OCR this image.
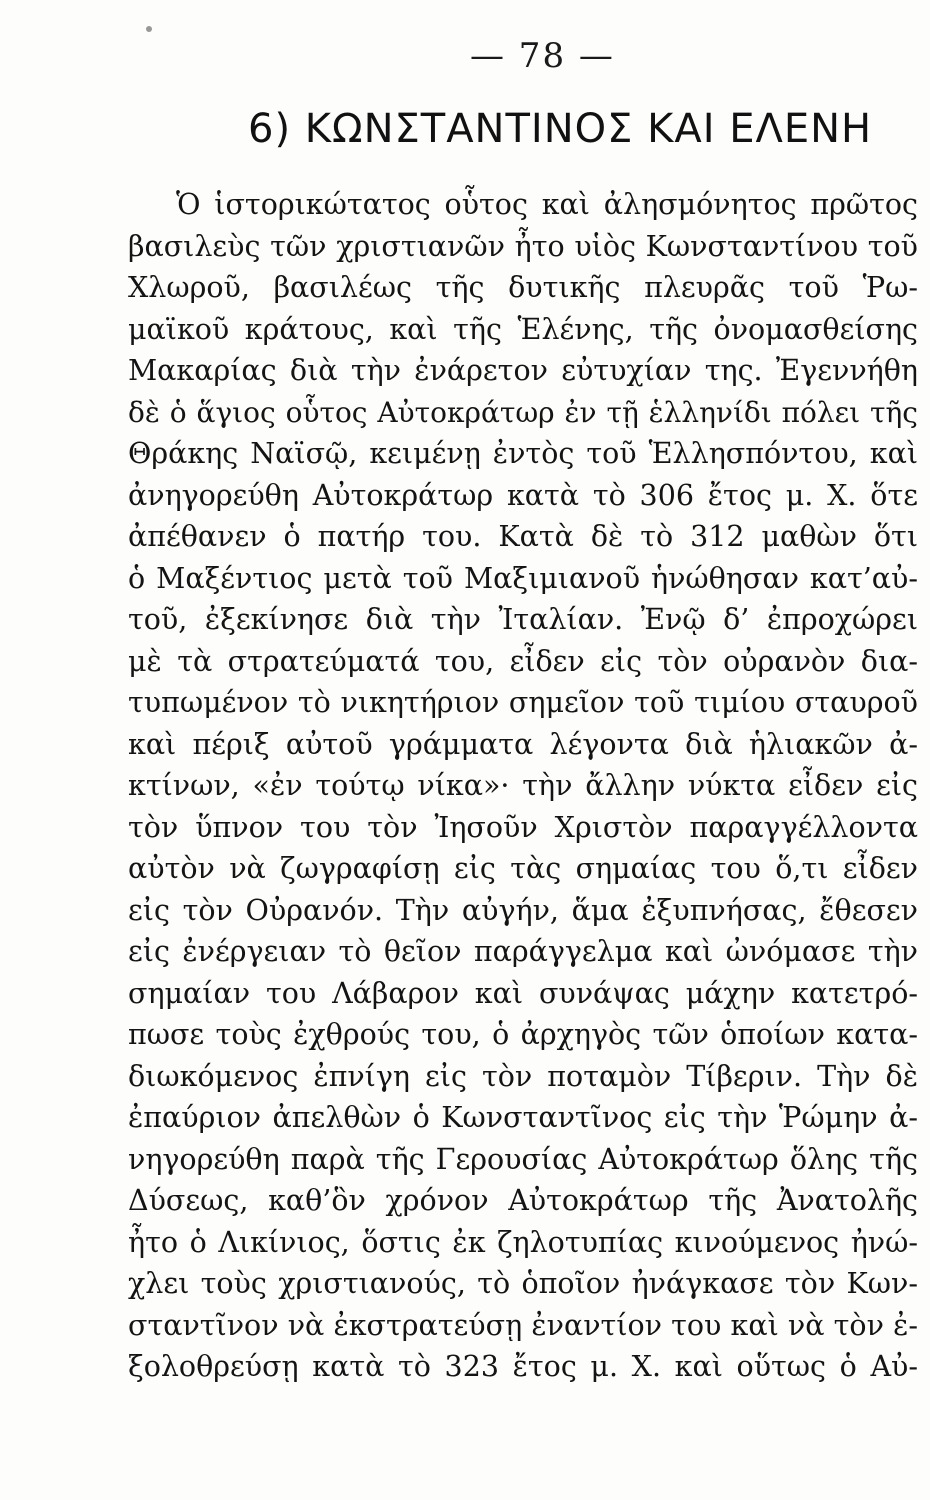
— 78 —
6) ΚΩΝΣΤΑΝΤΙΝΟΣ ΚΑΙ ΕΛΕΝΗ
Ὁ ἱστορικώτατος οὗτος καὶ ἀλησμόνητος πρῶτος
βασιλεὺς τῶν χριστιανῶν ἦτο υἱὸς Κωνσταντίνου τοῦ
Χλωροῦ, βασιλέως τῆς δυτικῆς πλευρᾶς τοῦ Ῥω-
μαϊκοῦ κράτους, καὶ τῆς Ἑλένης, τῆς ὀνομασθείσης
Μακαρίας διὰ τὴν ἐνάρετον εὐτυχίαν της. Ἐγεννήθη
δὲ ὁ ἅγιος οὗτος Αὐτοκράτωρ ἐν τῇ ἑλληνίδι πόλει τῆς
Θράκης Ναϊσῷ, κειμένῃ ἐντὸς τοῦ Ἑλλησπόντου, καὶ
ἀνηγορεύθη Αὐτοκράτωρ κατὰ τὸ 306 ἔτος μ. Χ. ὅτε
ἀπέθανεν ὁ πατήρ του. Κατὰ δὲ τὸ 312 μαθὼν ὅτι
ὁ Μαξέντιος μετὰ τοῦ Μαξιμιανοῦ ἡνώθησαν κατ’αὐ-
τοῦ, ἐξεκίνησε διὰ τὴν Ἰταλίαν. Ἐνῷ δ’ ἐπροχώρει
μὲ τὰ στρατεύματά του, εἶδεν εἰς τὸν οὐρανὸν δια-
τυπωμένον τὸ νικητήριον σημεῖον τοῦ τιμίου σταυροῦ
καὶ πέριξ αὐτοῦ γράμματα λέγοντα διὰ ἡλιακῶν ἀ-
κτίνων, «ἐν τούτῳ νίκα»· τὴν ἄλλην νύκτα εἶδεν εἰς
τὸν ὕπνον του τὸν Ἰησοῦν Χριστὸν παραγγέλλοντα
αὐτὸν νὰ ζωγραφίσῃ εἰς τὰς σημαίας του ὅ,τι εἶδεν
εἰς τὸν Οὐρανόν. Τὴν αὐγήν, ἅμα ἐξυπνήσας, ἔθεσεν
εἰς ἐνέργειαν τὸ θεῖον παράγγελμα καὶ ὠνόμασε τὴν
σημαίαν του Λάβαρον καὶ συνάψας μάχην κατετρό-
πωσε τοὺς ἐχθρούς του, ὁ ἀρχηγὸς τῶν ὁποίων κατα-
διωκόμενος ἐπνίγη εἰς τὸν ποταμὸν Τίβεριν. Τὴν δὲ
ἐπαύριον ἀπελθὼν ὁ Κωνσταντῖνος εἰς τὴν Ῥώμην ἀ-
νηγορεύθη παρὰ τῆς Γερουσίας Αὐτοκράτωρ ὅλης τῆς
Δύσεως, καθ’ὃν χρόνον Αὐτοκράτωρ τῆς Ἀνατολῆς
ἦτο ὁ Λικίνιος, ὅστις ἐκ ζηλοτυπίας κινούμενος ἠνώ-
χλει τοὺς χριστιανούς, τὸ ὁποῖον ἠνάγκασε τὸν Κων-
σταντῖνον νὰ ἐκστρατεύσῃ ἐναντίον του καὶ νὰ τὸν ἐ-
ξολοθρεύσῃ κατὰ τὸ 323 ἔτος μ. Χ. καὶ οὕτως ὁ Αὐ-
